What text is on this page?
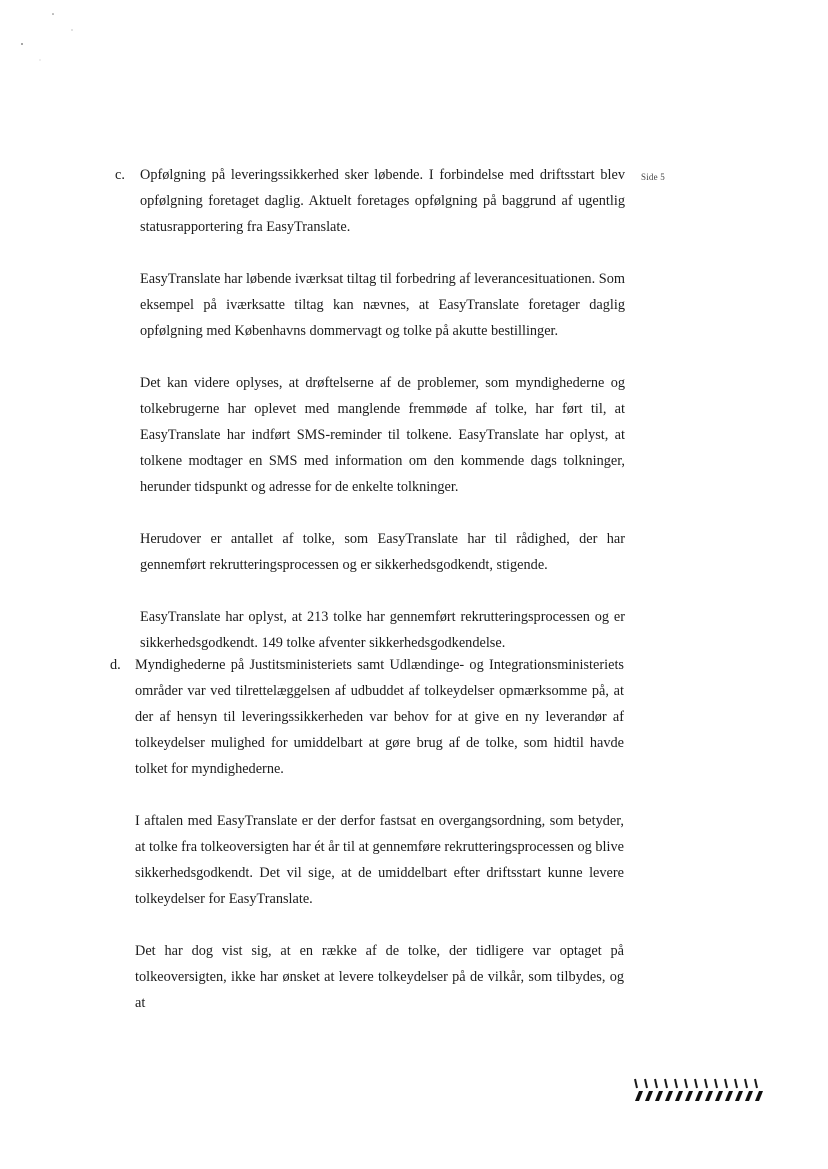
Side 5
c. Opfølgning på leveringssikkerhed sker løbende. I forbindelse med driftsstart blev opfølgning foretaget daglig. Aktuelt foretages opfølgning på baggrund af ugentlig statusrapportering fra EasyTranslate.

EasyTranslate har løbende iværksat tiltag til forbedring af leverancesituationen. Som eksempel på iværksatte tiltag kan nævnes, at EasyTranslate foretager daglig opfølgning med Københavns dommervagt og tolke på akutte bestillinger.

Det kan videre oplyses, at drøftelserne af de problemer, som myndighederne og tolkebrugerne har oplevet med manglende fremmøde af tolke, har ført til, at EasyTranslate har indført SMS-reminder til tolkene. EasyTranslate har oplyst, at tolkene modtager en SMS med information om den kommende dags tolkninger, herunder tidspunkt og adresse for de enkelte tolkninger.

Herudover er antallet af tolke, som EasyTranslate har til rådighed, der har gennemført rekrutteringsprocessen og er sikkerhedsgodkendt, stigende.

EasyTranslate har oplyst, at 213 tolke har gennemført rekrutteringsprocessen og er sikkerhedsgodkendt. 149 tolke afventer sikkerhedsgodkendelse.

d. Myndighederne på Justitsministeriets samt Udlændinge- og Integrationsministeriets områder var ved tilrettelæggelsen af udbuddet af tolkeydelser opmærksomme på, at der af hensyn til leveringssikkerheden var behov for at give en ny leverandør af tolkeydelser mulighed for umiddelbart at gøre brug af de tolke, som hidtil havde tolket for myndighederne.

I aftalen med EasyTranslate er der derfor fastsat en overgangsordning, som betyder, at tolke fra tolkeoversigten har ét år til at gennemføre rekrutteringsprocessen og blive sikkerhedsgodkendt. Det vil sige, at de umiddelbart efter driftsstart kunne levere tolkeydelser for EasyTranslate.

Det har dog vist sig, at en række af de tolke, der tidligere var optaget på tolkeoversigten, ikke har ønsket at levere tolkeydelser på de vilkår, som tilbydes, og at
